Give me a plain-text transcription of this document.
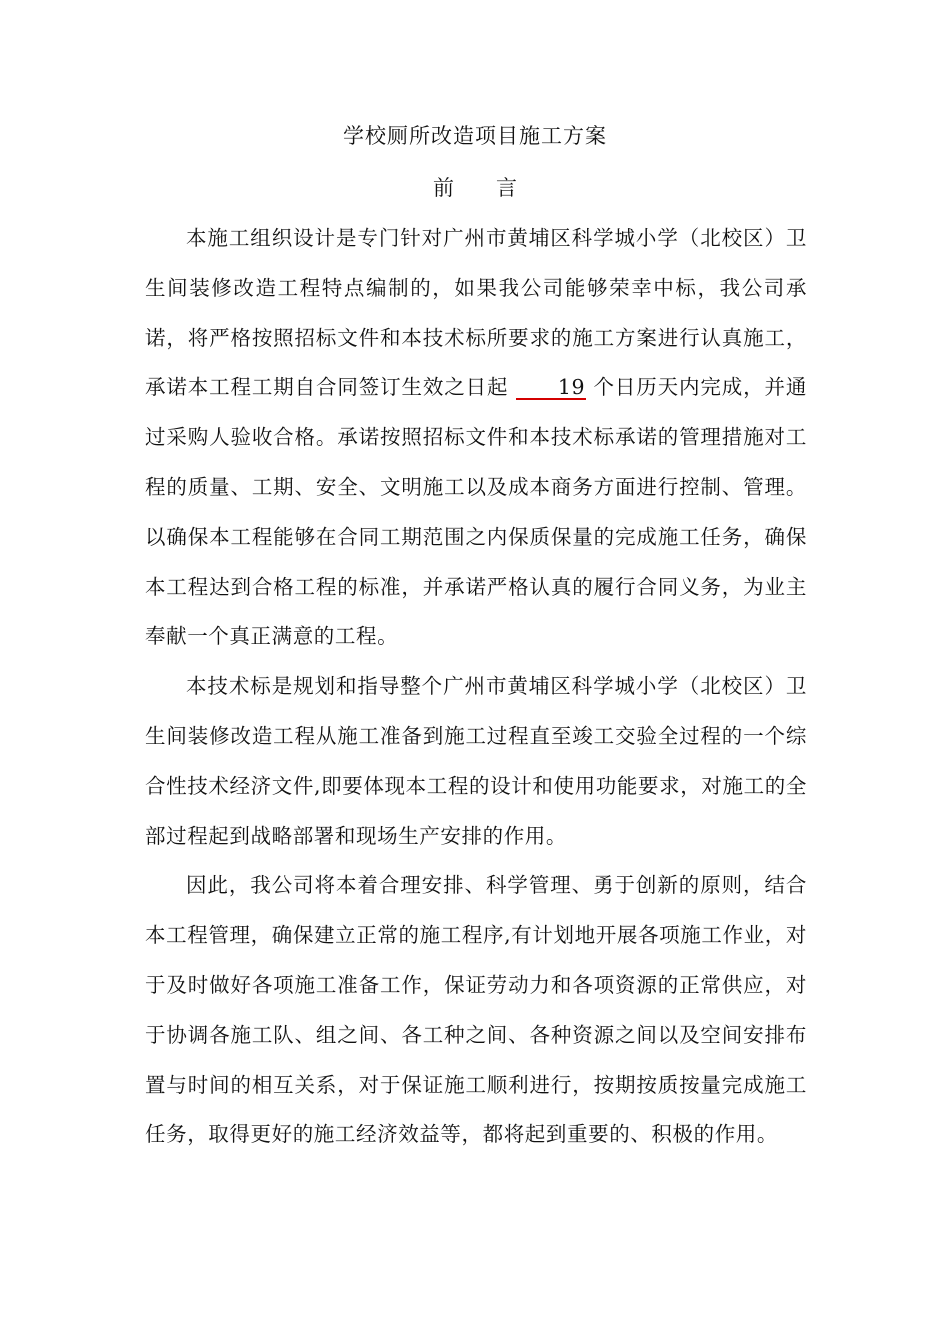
学校厕所改造项目施工方案
前 言

本施工组织设计是专门针对广州市黄埔区科学城小学（北校区）卫生间装修改造工程特点编制的，如果我公司能够荣幸中标，我公司承诺，将严格按照招标文件和本技术标所要求的施工方案进行认真施工，承诺本工程工期自合同签订生效之日起 19 个日历天内完成，并通过采购人验收合格。承诺按照招标文件和本技术标承诺的管理措施对工程的质量、工期、安全、文明施工以及成本商务方面进行控制、管理。以确保本工程能够在合同工期范围之内保质保量的完成施工任务，确保本工程达到合格工程的标准，并承诺严格认真的履行合同义务，为业主奉献一个真正满意的工程。

本技术标是规划和指导整个广州市黄埔区科学城小学（北校区）卫生间装修改造工程从施工准备到施工过程直至竣工交验全过程的一个综合性技术经济文件,即要体现本工程的设计和使用功能要求，对施工的全部过程起到战略部署和现场生产安排的作用。

因此，我公司将本着合理安排、科学管理、勇于创新的原则，结合本工程管理，确保建立正常的施工程序,有计划地开展各项施工作业，对于及时做好各项施工准备工作，保证劳动力和各项资源的正常供应，对于协调各施工队、组之间、各工种之间、各种资源之间以及空间安排布置与时间的相互关系，对于保证施工顺利进行，按期按质按量完成施工任务，取得更好的施工经济效益等，都将起到重要的、积极的作用。
